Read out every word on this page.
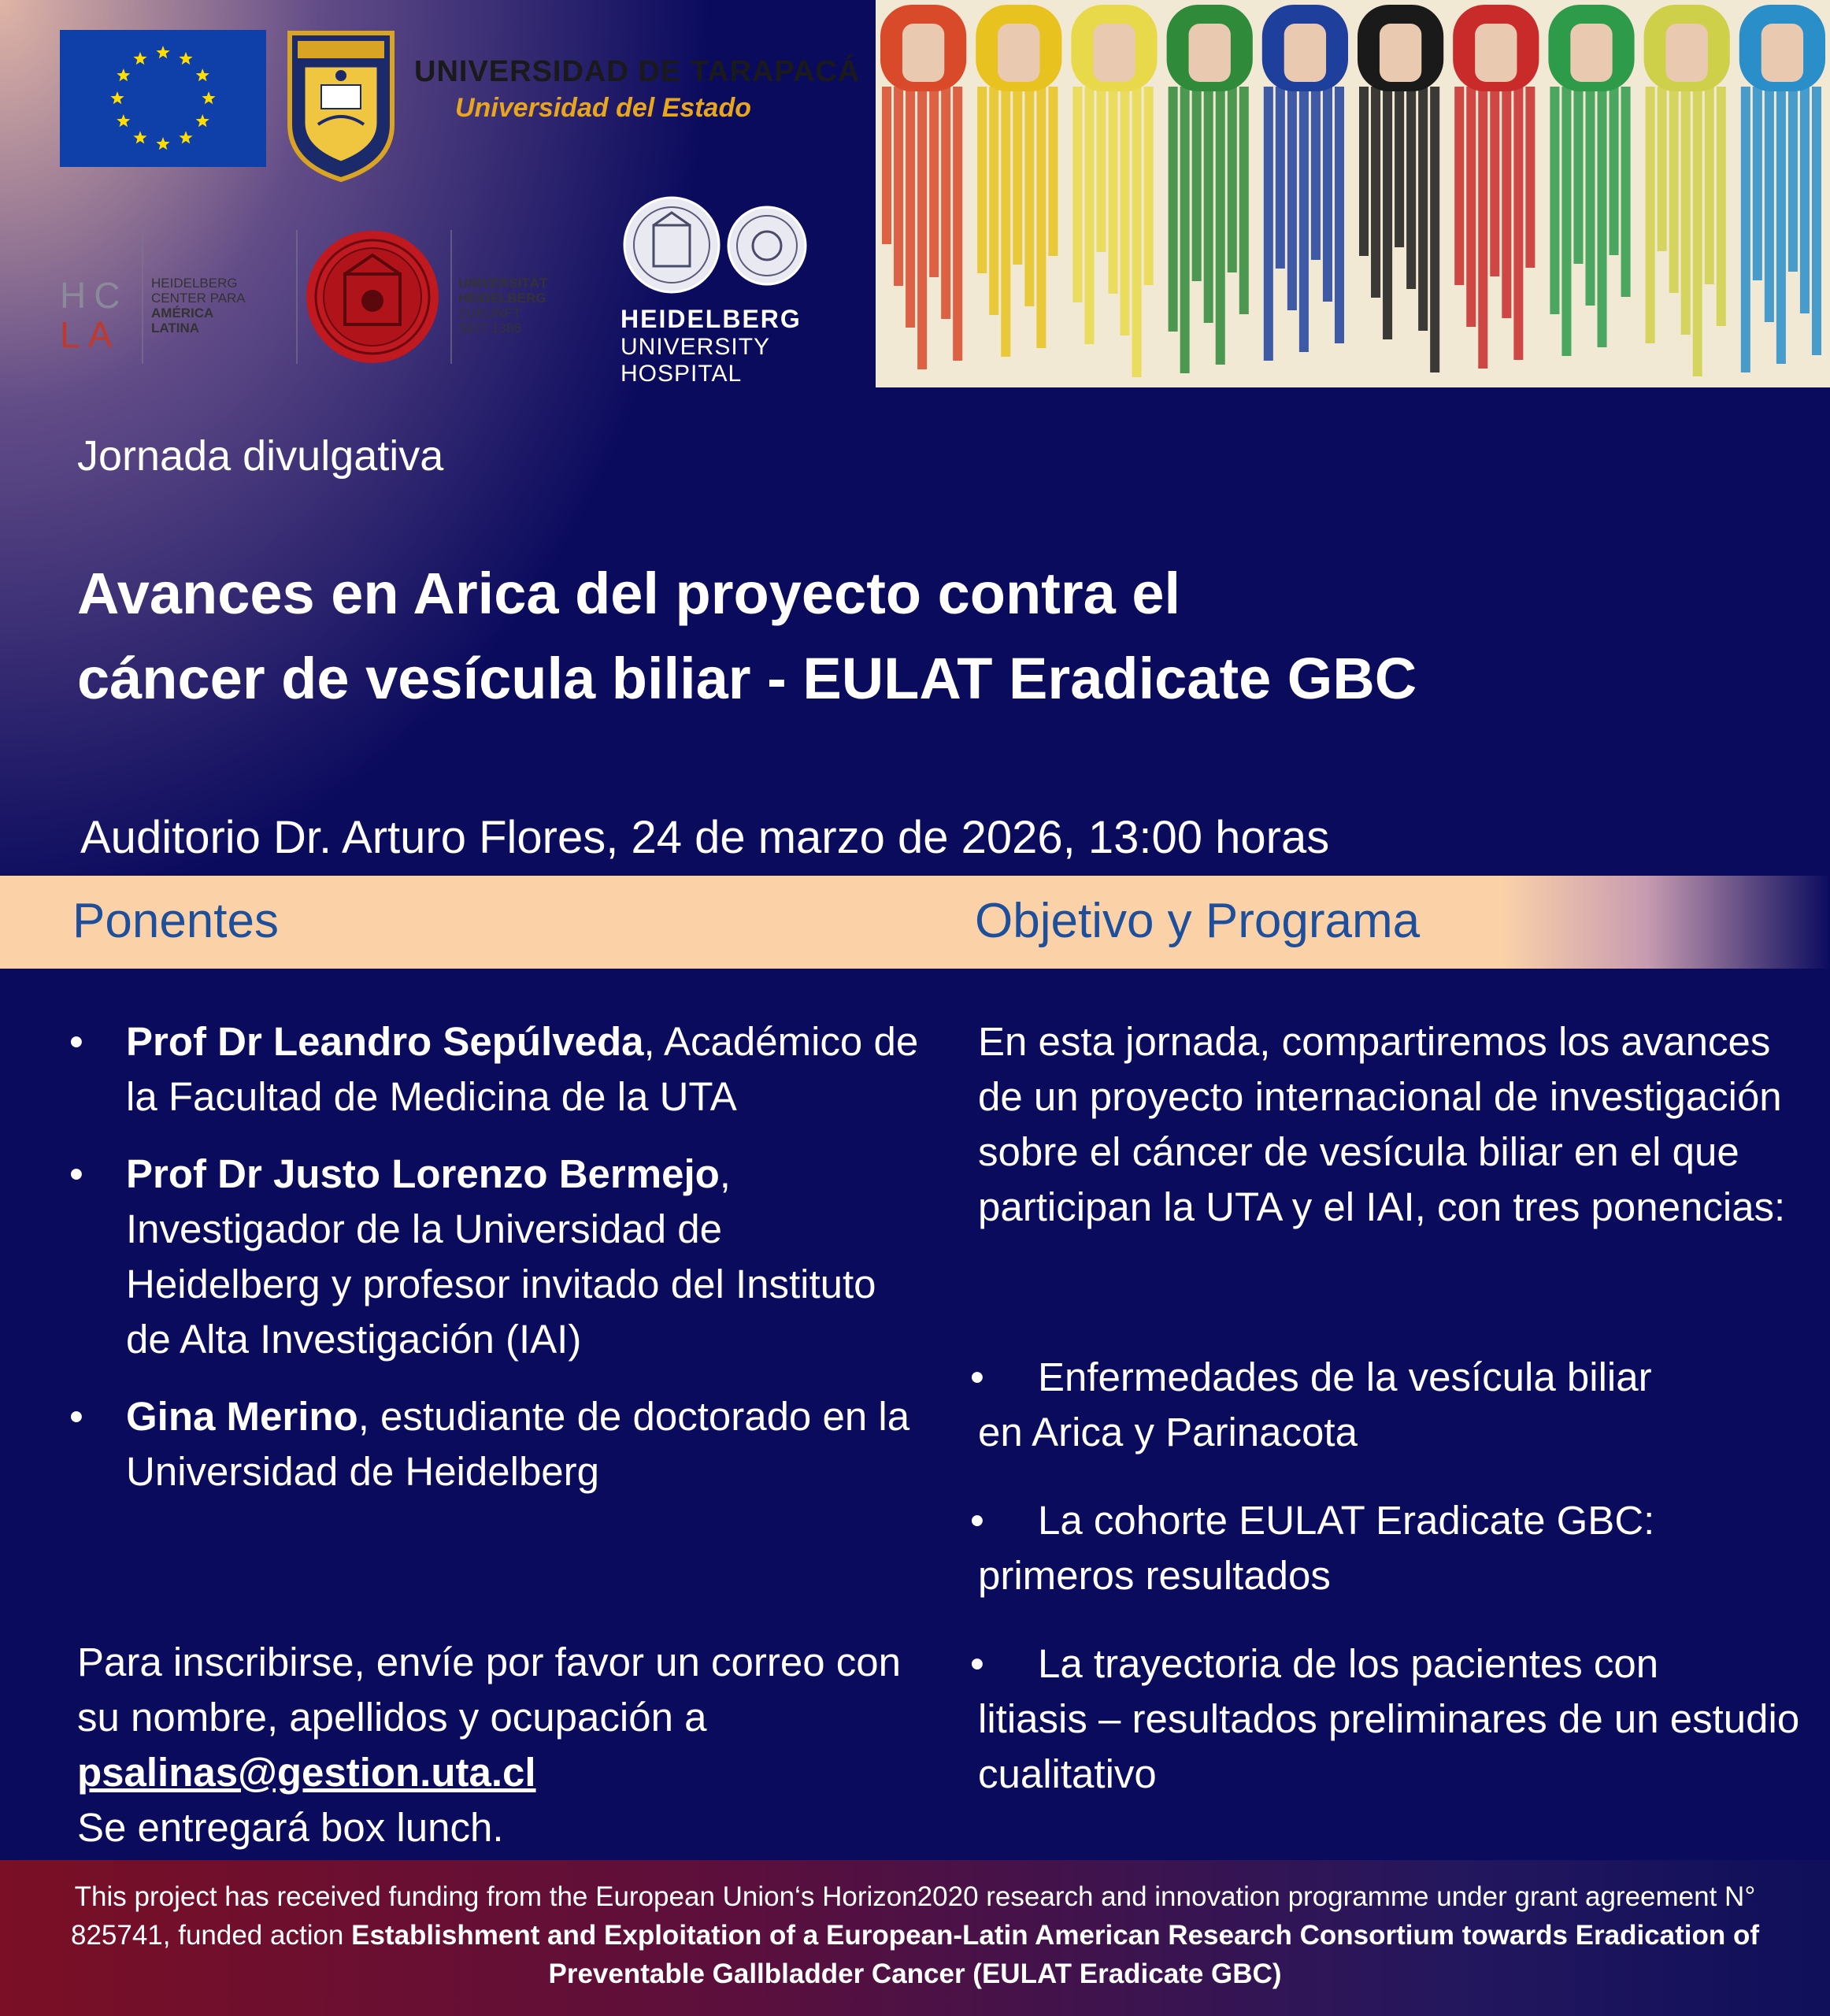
UNIVERSIDAD DE TARAPACÁ
Universidad del Estado
HC
LA
HEIDELBERG
CENTER PARA
AMÉRICA
LATINA
UNIVERSITÄT
HEIDELBERG
ZUKUNFT
SEIT 1386	HEIDELBERG
UNIVERSITY
HOSPITAL
Jornada divulgativa
Avances en Arica del proyecto contra el
cáncer de vesícula biliar - EULAT Eradicate GBC
Auditorio Dr. Arturo Flores, 24 de marzo de 2026, 13:00 horas
Ponentes	Objetivo y Programa
• Prof Dr Leandro Sepúlveda, Académico de la Facultad de Medicina de la UTA
• Prof Dr Justo Lorenzo Bermejo, Investigador de la Universidad de Heidelberg y profesor invitado del Instituto de Alta Investigación (IAI)
• Gina Merino, estudiante de doctorado en la Universidad de Heidelberg
Para inscribirse, envíe por favor un correo con su nombre, apellidos y ocupación a psalinas@gestion.uta.cl
Se entregará box lunch.
En esta jornada, compartiremos los avances de un proyecto internacional de investigación sobre el cáncer de vesícula biliar en el que participan la UTA y el IAI, con tres ponencias:
• Enfermedades de la vesícula biliar
en Arica y Parinacota
• La cohorte EULAT Eradicate GBC:
primeros resultados
• La trayectoria de los pacientes con
litiasis – resultados preliminares de un estudio cualitativo
This project has received funding from the European Union‘s Horizon2020 research and innovation programme under grant agreement N° 825741, funded action Establishment and Exploitation of a European-Latin American Research Consortium towards Eradication of Preventable Gallbladder Cancer (EULAT Eradicate GBC)
